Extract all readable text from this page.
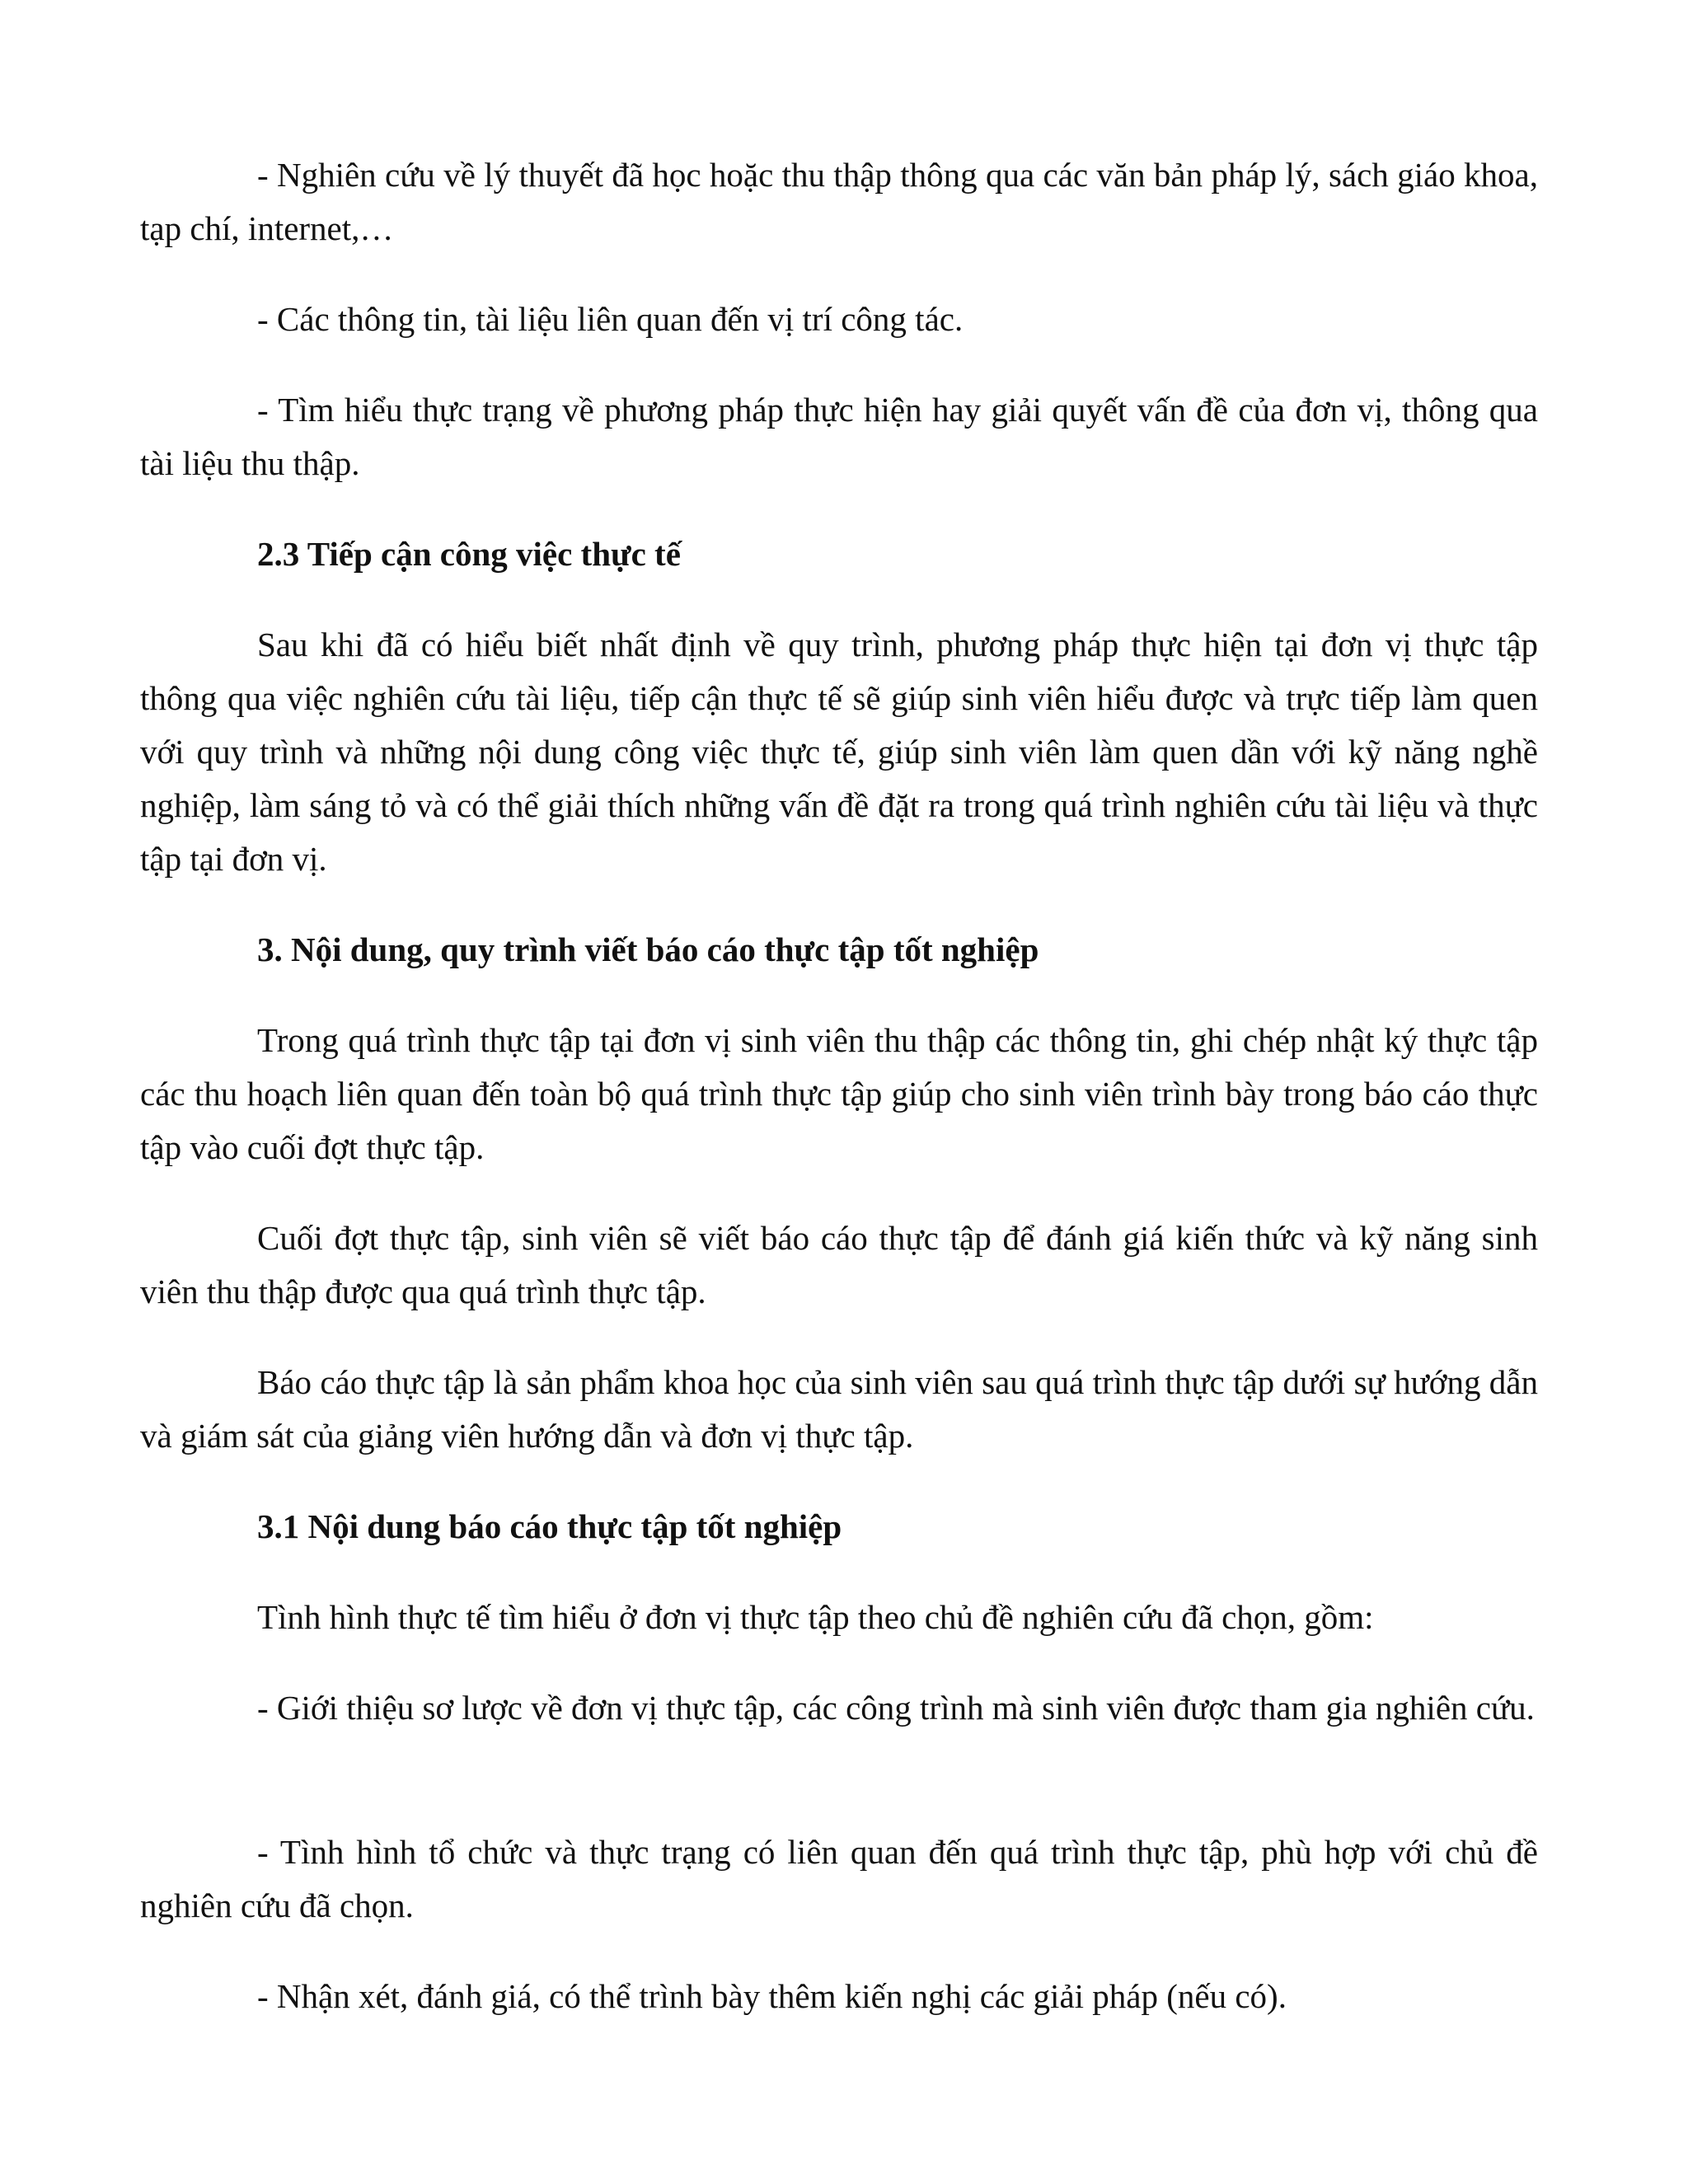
- Nghiên cứu về lý thuyết đã học hoặc thu thập thông qua các văn bản pháp lý, sách giáo khoa, tạp chí, internet,…

- Các thông tin, tài liệu liên quan đến vị trí công tác.

- Tìm hiểu thực trạng về phương pháp thực hiện hay giải quyết vấn đề của đơn vị, thông qua tài liệu thu thập.

2.3 Tiếp cận công việc thực tế

Sau khi đã có hiểu biết nhất định về quy trình, phương pháp thực hiện tại đơn vị thực tập thông qua việc nghiên cứu tài liệu, tiếp cận thực tế sẽ giúp sinh viên hiểu được và trực tiếp làm quen với quy trình và những nội dung công việc thực tế, giúp sinh viên làm quen dần với kỹ năng nghề nghiệp, làm sáng tỏ và có thể giải thích những vấn đề đặt ra trong quá trình nghiên cứu tài liệu và thực tập tại đơn vị.

3. Nội dung, quy trình viết báo cáo thực tập tốt nghiệp

Trong quá trình thực tập tại đơn vị sinh viên thu thập các thông tin, ghi chép nhật ký thực tập các thu hoạch liên quan đến toàn bộ quá trình thực tập giúp cho sinh viên trình bày trong báo cáo thực tập vào cuối đợt thực tập.

Cuối đợt thực tập, sinh viên sẽ viết báo cáo thực tập để đánh giá kiến thức và kỹ năng sinh viên thu thập được qua quá trình thực tập.

Báo cáo thực tập là sản phẩm khoa học của sinh viên sau quá trình thực tập dưới sự hướng dẫn và giám sát của giảng viên hướng dẫn và đơn vị thực tập.

3.1 Nội dung báo cáo thực tập tốt nghiệp

Tình hình thực tế tìm hiểu ở đơn vị thực tập theo chủ đề nghiên cứu đã chọn, gồm:

- Giới thiệu sơ lược về đơn vị thực tập, các công trình mà sinh viên được tham gia nghiên cứu.

- Tình hình tổ chức và thực trạng có liên quan đến quá trình thực tập, phù hợp với chủ đề nghiên cứu đã chọn.

- Nhận xét, đánh giá, có thể trình bày thêm kiến nghị các giải pháp (nếu có).
